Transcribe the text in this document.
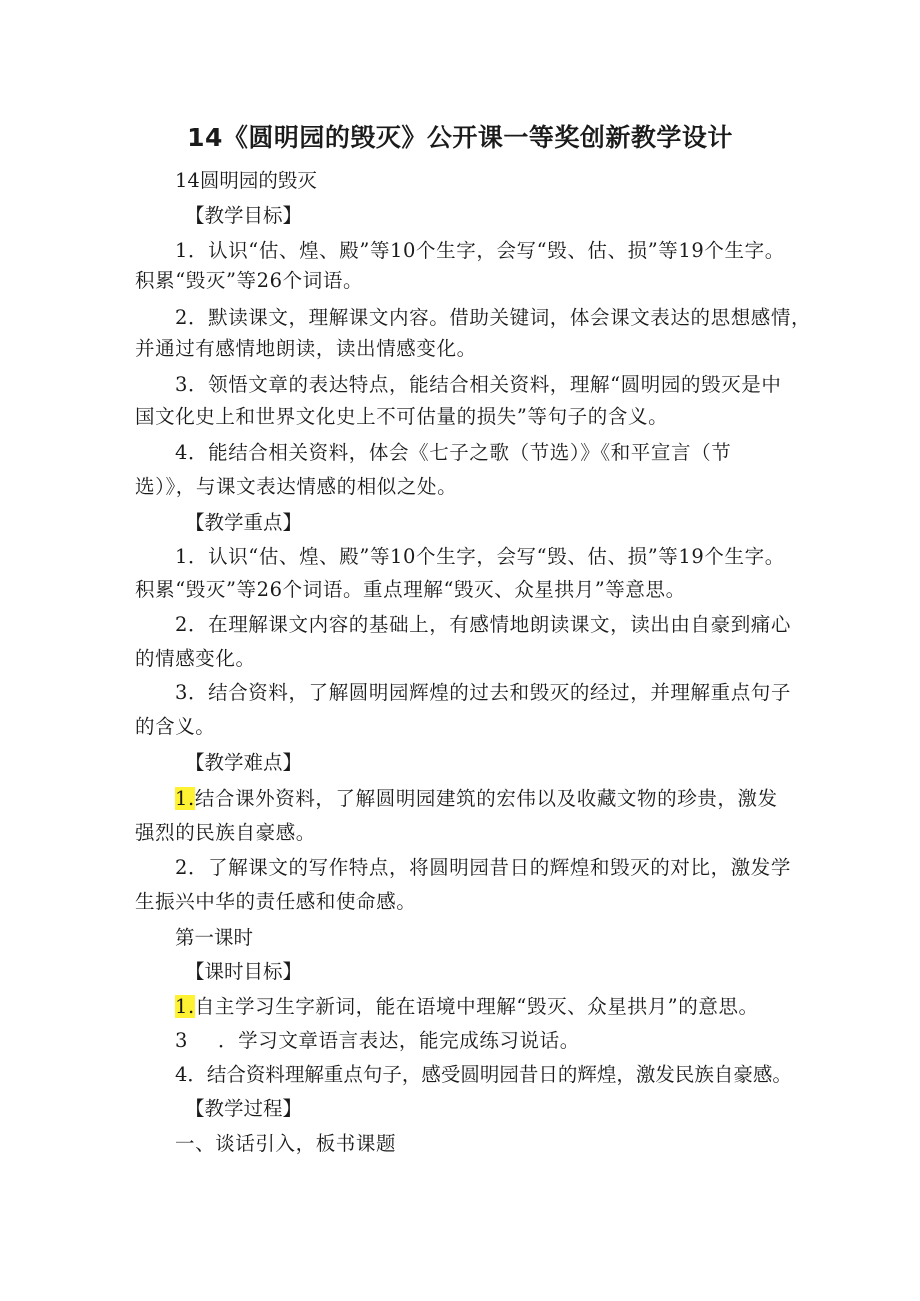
14《圆明园的毁灭》公开课一等奖创新教学设计
14圆明园的毁灭
【教学目标】
1．认识“估、煌、殿”等10个生字，会写“毁、估、损”等19个生字。
积累“毁灭”等26个词语。
2．默读课文，理解课文内容。借助关键词，体会课文表达的思想感情，
并通过有感情地朗读，读出情感变化。
3．领悟文章的表达特点，能结合相关资料，理解“圆明园的毁灭是中
国文化史上和世界文化史上不可估量的损失”等句子的含义。
4．能结合相关资料，体会《七子之歌（节选）》《和平宣言（节
选）》，与课文表达情感的相似之处。
【教学重点】
1．认识“估、煌、殿”等10个生字，会写“毁、估、损”等19个生字。
积累“毁灭”等26个词语。重点理解“毁灭、众星拱月”等意思。
2．在理解课文内容的基础上，有感情地朗读课文，读出由自豪到痛心
的情感变化。
3．结合资料，了解圆明园辉煌的过去和毁灭的经过，并理解重点句子
的含义。
【教学难点】
1.结合课外资料，了解圆明园建筑的宏伟以及收藏文物的珍贵，激发
强烈的民族自豪感。
2．了解课文的写作特点，将圆明园昔日的辉煌和毁灭的对比，激发学
生振兴中华的责任感和使命感。
第一课时
【课时目标】
1.自主学习生字新词，能在语境中理解“毁灭、众星拱月”的意思。
3 ．学习文章语言表达，能完成练习说话。
4．结合资料理解重点句子，感受圆明园昔日的辉煌，激发民族自豪感。
【教学过程】
一、谈话引入，板书课题
